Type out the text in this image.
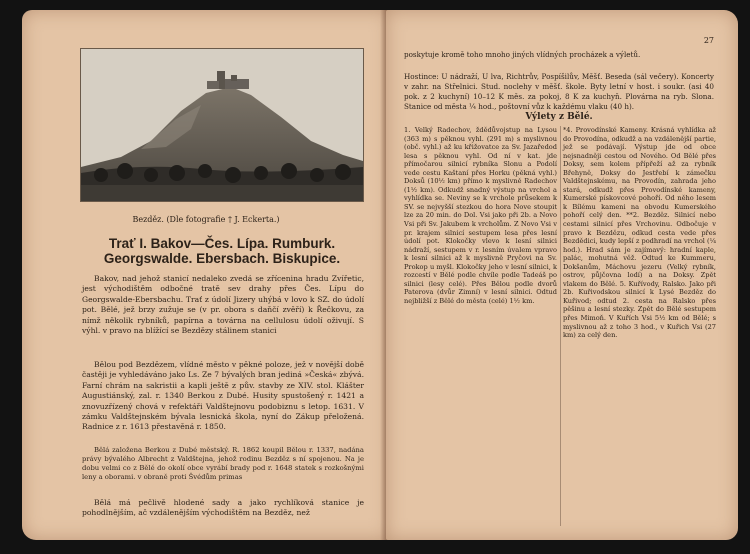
Bezděz. (Dle fotografie † J. Eckerta.)
Trať I. Bakov—Čes. Lípa. Rumburk. Georgswalde. Ebersbach. Biskupice.

Bakov, nad jehož stanicí nedaleko zvedá se zřícenina hradu Zvířetic, jest východištěm odbočné tratě sev drahy přes Čes. Lípu do Georgswalde-Ebersbachu. Trať z údolí Jizery uhýbá v lovo k SZ. do údolí pot. Bělé, jež brzy zužuje se (v pr. obora s daňčí zvěří) k Řečkovu, za nímž několik rybníků, papírna a továrna na cellulosu údolí oživují. S výhl. v pravo na blížící se Bezdězy stálinem stanici

Bělou pod Bezdězem, vlídné město v pěkné poloze, jež v novější době častěji je vyhledáváno jako Ls. Ze 7 bývalých bran jediná »Česká« zbývá. Farní chrám na sakristii a kapli ještě z pův. stavby ze XIV. stol. Klášter Augustiánský, zal. r. 1340 Berkou z Dubé. Husity spustošený r. 1421 a znovuzřízený chová v refektáři Valdštejnovu podobiznu s letop. 1631. V zámku Valdštejnském bývala lesnická škola, nyní do Zákup přeložená. Radnice z r. 1613 přestavěná r. 1850.

Bělá založena Berkou z Dubé městský. R. 1862 koupil Bělou r. 1337, nadána právy bývalého Albrecht z Valdštejna, jehož rodinu Bezděz s ní spojenou. Na je dobu velmi co z Bělé do okolí obce vyrábí brady pod r. 1648 statek s rozkošnými leny a oborami. v obraně proti Švédům primas

Bělá má pečlivě hlodené sady a jako rychlíková stanice je pohodlnějším, ač vzdálenějším východištěm na Bezděz, než

27

poskytuje kromě toho mnoho jiných vlídných procházek a výletů.

Hostince: U nádraží, U lva, Richtrův, Pospíšilův, Měšť. Beseda (sál večery). Koncerty v zahr. na Střelnici. Stud. noclehy v měšť. škole. Byty letní v host. i soukr. (asi 40 pok. z 2 kuchyní) 10–12 K měs. za pokoj, 8 K za kuchyň. Plovárna na ryb. Slona. Stanice od města ¼ hod., poštovní vůz k každému vlaku (40 h).

Výlety z Bělé.

1. Velký Radechov, ždědůvojstup na Lysou (363 m) s pěknou vyhl. (291 m) s myslivnou (obč. vyhl.) až ku křižovatce za Sv. Jazaředod lesa s pěknou vyhl. Od ní v kat. jde přímočarou silnicí rybníka Slonu a Podolí vede cestu Kaštaní přes Horku (pěkná vyhl.) Doksů (10½ km) přímo k myslivně Radechov (1½ km). Odkudž snadný výstup na vrchol a vyhlídka se. Neviny se k vrchole průsekem k SV. se nejvyšší stezkou do hora Nove stoupit lze za 20 min. do Dol. Vsi jako při 2b. a Novo Vsi při Sv. Jakubem k vrcholům. Z Novo Vsi v pr. krajem silnicí sestupem lesa přes lesní údolí pot. Klokočky vlevo k lesní silnici nádraží, sestupem v r. lesním úvalem vpravo k lesní silnici až k myslivně Pryčovi na Sv. Prokop u myšl. Klokočky jeho v lesní silnici, k rozcestí v Bělé podle chvíle podle Tadeáš po silnici (lesy celé). Přes Bělou podle dvorů Paterova (dvůr Zimní) v lesní silnici. Odtud nejbližší z Bělé do města (celé) 1½ km.

*4. Provodínské Kameny. Krásná vyhlídka až do Provodína, odkudž a na vzdálenější partie, jež se podávají. Výstup jde od obce nejsnadněji cestou od Nového. Od Bělé přes Doksy, sem kolem přípřeží až za rybník Břehyně, Doksy do Jestřebí k zámečku Valdštejnskému, na Provodín, zahrada jeho stará, odkudž přes Provodínské kameny, Kumerské pískovcové pohoří. Od něho lesem k Bílému kameni na obvodu Kumerského pohoří celý den. **2. Bezděz. Silnicí nebo cestami silnicí přes Vrchovinu. Odbočuje v pravo k Bezdězu, odkud cesta vede přes Bezdědici, kudy lepší z podhradí na vrchol (¼ hod.). Hrad sám je zajímavý: hradní kaple, palác, mohutná věž. Odtud ke Kummeru, Dokšanům, Máchovu jezeru (Velký rybník, ostrov, půjčovna lodí) a na Doksy. Zpět vlakem do Bělé. 5. Kuřívody, Ralsko. Jako při 2b. Kuřivodskou silnicí k Lysé Bezděz do Kuřivod; odtud 2. cesta na Ralsko přes pěšinu a lesní stezky. Zpět do Bělé sestupem přes Mimoň. V Kuřích Vsi 5½ km od Bělé; s myslivnou až z toho 3 hod., v Kuřich Vsi (27 km) za celý den.
